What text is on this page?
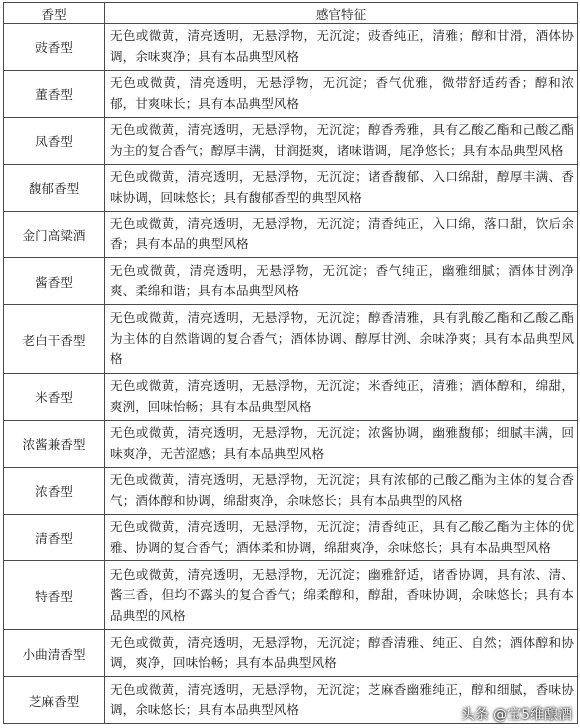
香型	感官特征
豉香型	无色或微黄，清亮透明，无悬浮物，无沉淀；豉香纯正，清雅；醇和甘滑，酒体协调，余味爽净；具有本品典型风格
董香型	无色或微黄，清亮透明，无悬浮物，无沉淀；香气优雅，微带舒适药香；醇和浓郁，甘爽味长；具有本品典型风格
凤香型	无色或微黄，清亮透明，无悬浮物，无沉淀；醇香秀雅，具有乙酸乙酯和己酸乙酯为主的复合香气；醇厚丰满，甘润挺爽，诸味谐调，尾净悠长；具有本品典型风格
馥郁香型	无色或微黄，清亮透明，无悬浮物，无沉淀；诸香馥郁、入口绵甜，醇厚丰满、香味协调，回味悠长；具有馥郁香型的典型风格
金门高粱酒	无色或微黄，清亮透明，无悬浮物，无沉淀；清香纯正，入口绵，落口甜，饮后余香；具有本品的典型风格
酱香型	无色或微黄，清亮透明，无悬浮物，无沉淀；香气纯正，幽雅细腻；酒体甘洌净爽、柔绵和谐；具有本品典型风格
老白干香型	无色或微黄，清亮透明，无悬浮物，无沉淀；醇香清雅，具有乳酸乙酯和乙酸乙酯为主体的自然谐调的复合香气；酒体协调、醇厚甘洌、余味净爽；具有本品典型风格
米香型	无色或微黄，清亮透明，无悬浮物，无沉淀；米香纯正，清雅；酒体醇和，绵甜，爽洌，回味怡畅；具有本品典型风格
浓酱兼香型	无色或微黄，清亮透明，无悬浮物，无沉淀；浓酱协调，幽雅馥郁；细腻丰满，回味爽净，无苦涩感；具有本品典型风格
浓香型	无色或微黄，清亮透明，无悬浮物，无沉淀；具有浓郁的己酸乙酯为主体的复合香气；酒体醇和协调，绵甜爽净，余味悠长；具有本品典型的风格
清香型	无色或微黄，清亮透明，无悬浮物，无沉淀；清香纯正，具有乙酸乙酯为主体的优雅、协调的复合香气；酒体柔和协调，绵甜爽净，余味悠长；具有本品典型风格
特香型	无色或微黄，清亮透明，无悬浮物，无沉淀；幽雅舒适，诸香协调，具有浓、清、酱三香，但均不露头的复合香气；绵柔醇和，醇甜，香味协调，余味悠长；具有本品典型的风格
小曲清香型	无色或微黄，清亮透明，无悬浮物，无沉淀；醇香清雅、纯正、自然；酒体醇和协调，爽净，回味怡畅；具有本品典型风格
芝麻香型	无色或微黄，清亮透明，无悬浮物，无沉淀；芝麻香幽雅纯正，醇和细腻，香味协调，余味悠长；具有本品典型风格	头条 @宝5维酿酒
